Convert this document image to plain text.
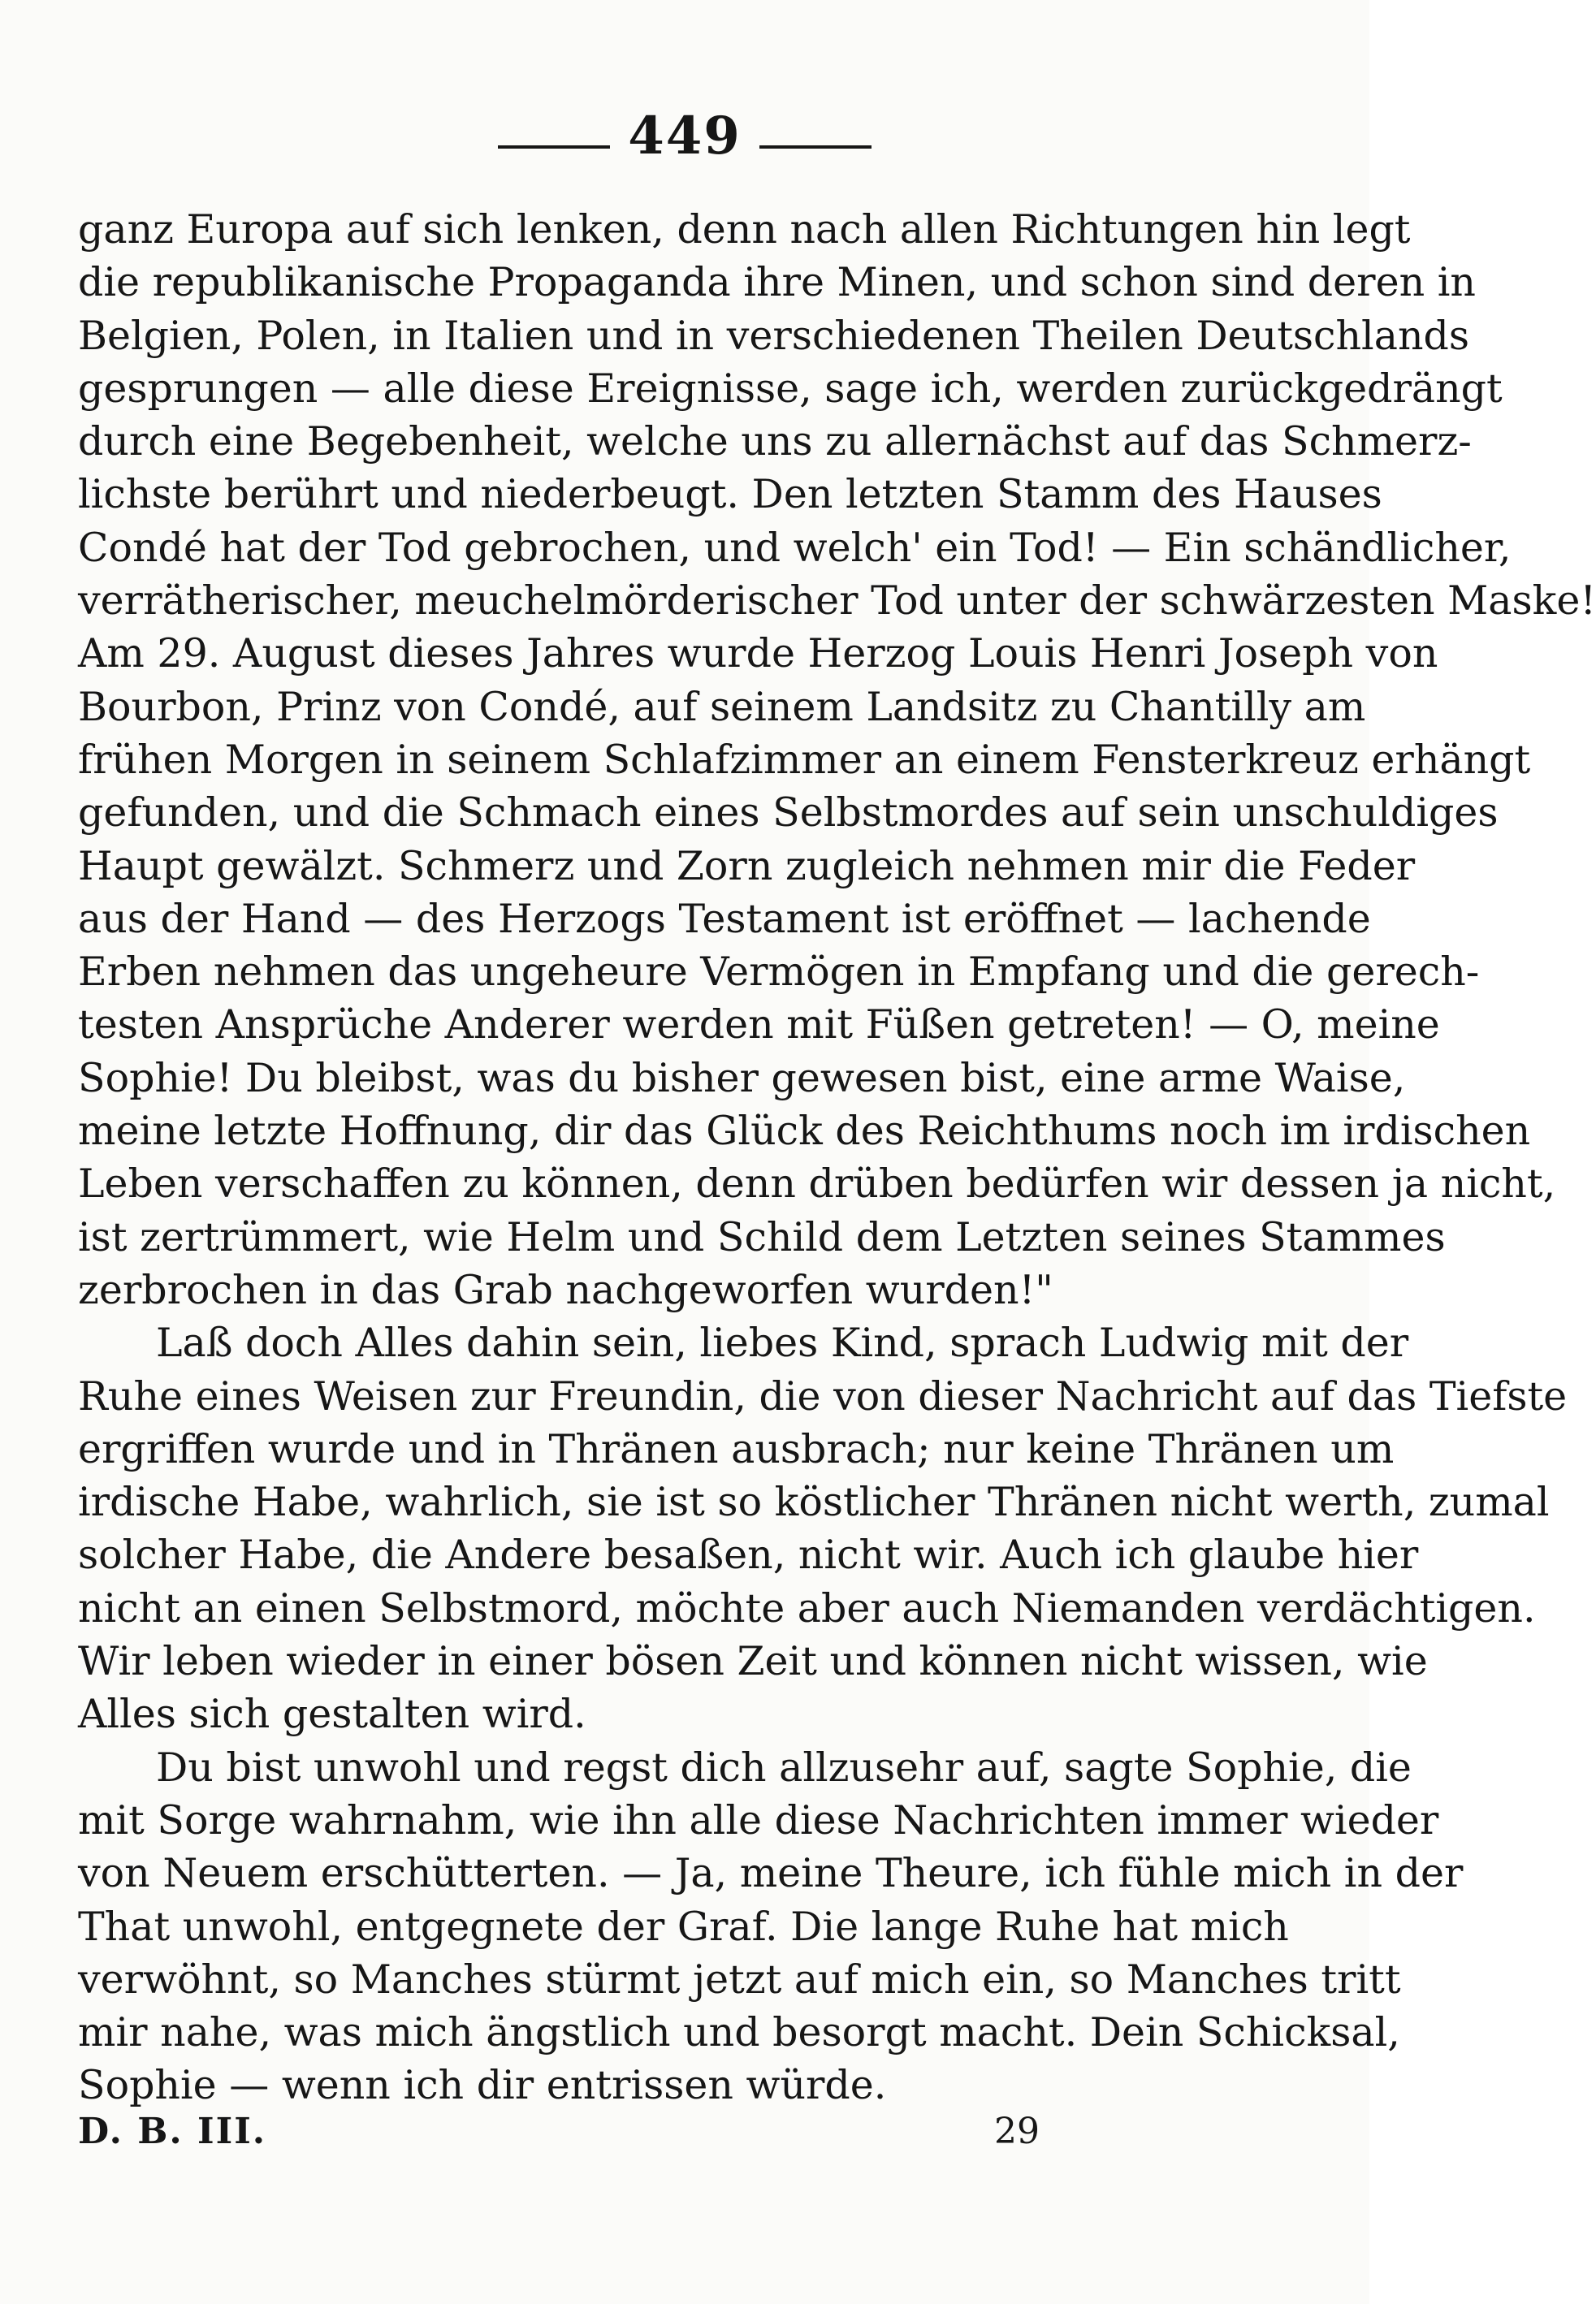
449
ganz Europa auf sich lenken, denn nach allen Richtungen hin legt
die republikanische Propaganda ihre Minen, und schon sind deren in
Belgien, Polen, in Italien und in verschiedenen Theilen Deutschlands
gesprungen — alle diese Ereignisse, sage ich, werden zurückgedrängt
durch eine Begebenheit, welche uns zu allernächst auf das Schmerz-
lichste berührt und niederbeugt. Den letzten Stamm des Hauses
Condé hat der Tod gebrochen, und welch' ein Tod! — Ein schändlicher,
verrätherischer, meuchelmörderischer Tod unter der schwärzesten Maske!
Am 29. August dieses Jahres wurde Herzog Louis Henri Joseph von
Bourbon, Prinz von Condé, auf seinem Landsitz zu Chantilly am
frühen Morgen in seinem Schlafzimmer an einem Fensterkreuz erhängt
gefunden, und die Schmach eines Selbstmordes auf sein unschuldiges
Haupt gewälzt. Schmerz und Zorn zugleich nehmen mir die Feder
aus der Hand — des Herzogs Testament ist eröffnet — lachende
Erben nehmen das ungeheure Vermögen in Empfang und die gerech-
testen Ansprüche Anderer werden mit Füßen getreten! — O, meine
Sophie! Du bleibst, was du bisher gewesen bist, eine arme Waise,
meine letzte Hoffnung, dir das Glück des Reichthums noch im irdischen
Leben verschaffen zu können, denn drüben bedürfen wir dessen ja nicht,
ist zertrümmert, wie Helm und Schild dem Letzten seines Stammes
zerbrochen in das Grab nachgeworfen wurden!"
Laß doch Alles dahin sein, liebes Kind, sprach Ludwig mit der
Ruhe eines Weisen zur Freundin, die von dieser Nachricht auf das Tiefste
ergriffen wurde und in Thränen ausbrach; nur keine Thränen um
irdische Habe, wahrlich, sie ist so köstlicher Thränen nicht werth, zumal
solcher Habe, die Andere besaßen, nicht wir. Auch ich glaube hier
nicht an einen Selbstmord, möchte aber auch Niemanden verdächtigen.
Wir leben wieder in einer bösen Zeit und können nicht wissen, wie
Alles sich gestalten wird.
Du bist unwohl und regst dich allzusehr auf, sagte Sophie, die
mit Sorge wahrnahm, wie ihn alle diese Nachrichten immer wieder
von Neuem erschütterten. — Ja, meine Theure, ich fühle mich in der
That unwohl, entgegnete der Graf. Die lange Ruhe hat mich
verwöhnt, so Manches stürmt jetzt auf mich ein, so Manches tritt
mir nahe, was mich ängstlich und besorgt macht. Dein Schicksal,
Sophie — wenn ich dir entrissen würde.
D. B. III.	29
